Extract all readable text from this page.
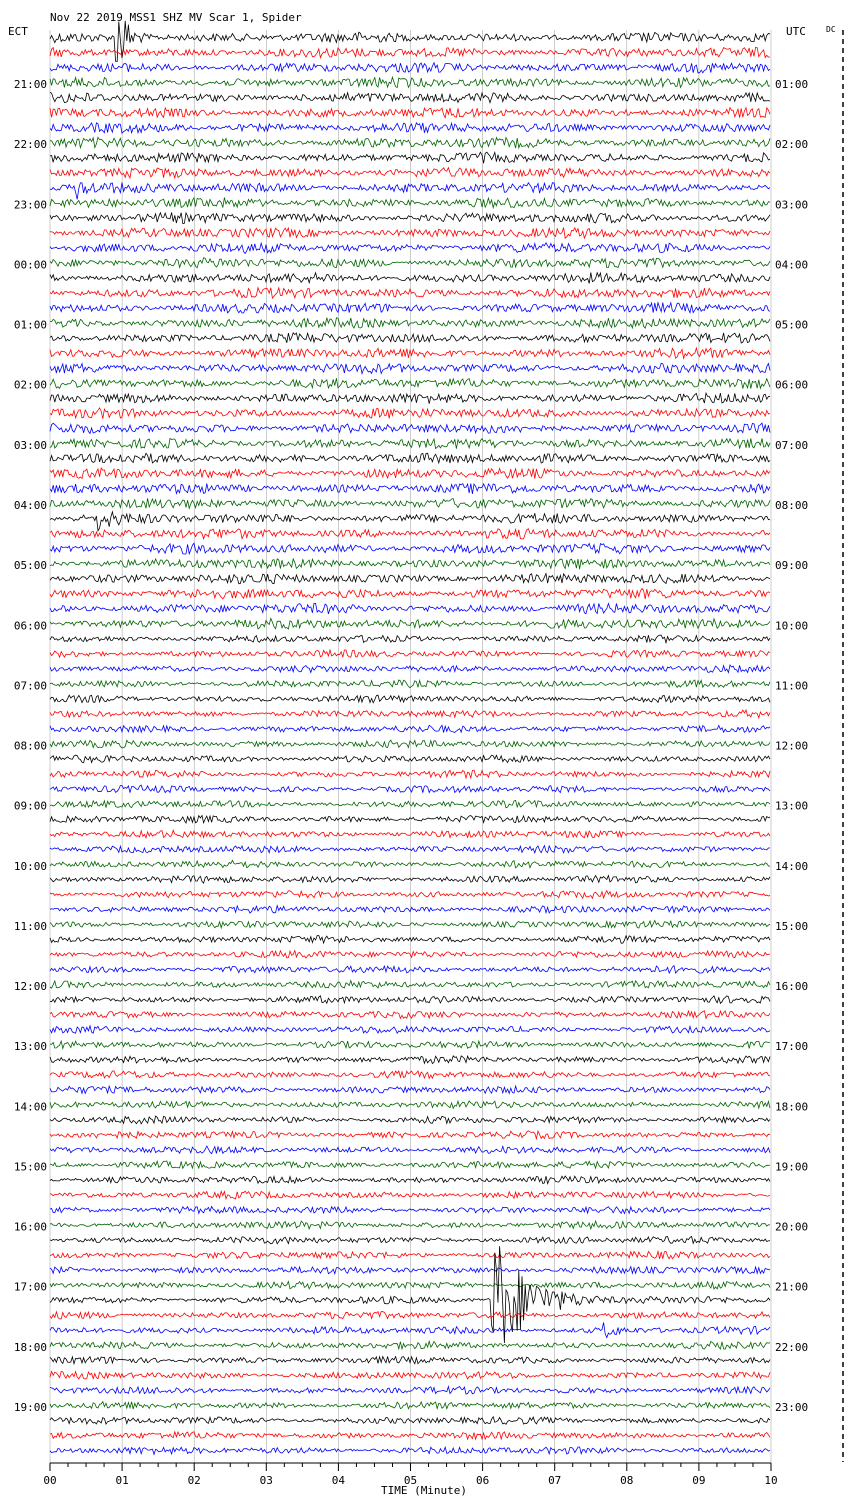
Nov 22 2019 MSS1 SHZ MV Scar 1, Spider
ECT	UTC	DC
21:00
22:00
23:00
00:00
01:00
02:00
03:00
04:00
05:00
06:00
07:00
08:00
09:00
10:00
11:00
12:00
13:00
14:00
15:00
16:00
17:00
18:00
19:00
01:00
02:00
03:00
04:00
05:00
06:00
07:00
08:00
09:00
10:00
11:00
12:00
13:00
14:00
15:00
16:00
17:00
18:00
19:00
20:00
21:00
22:00
23:00
00	01	02	03	04	05	06	07	08	09	10
TIME (Minute)
